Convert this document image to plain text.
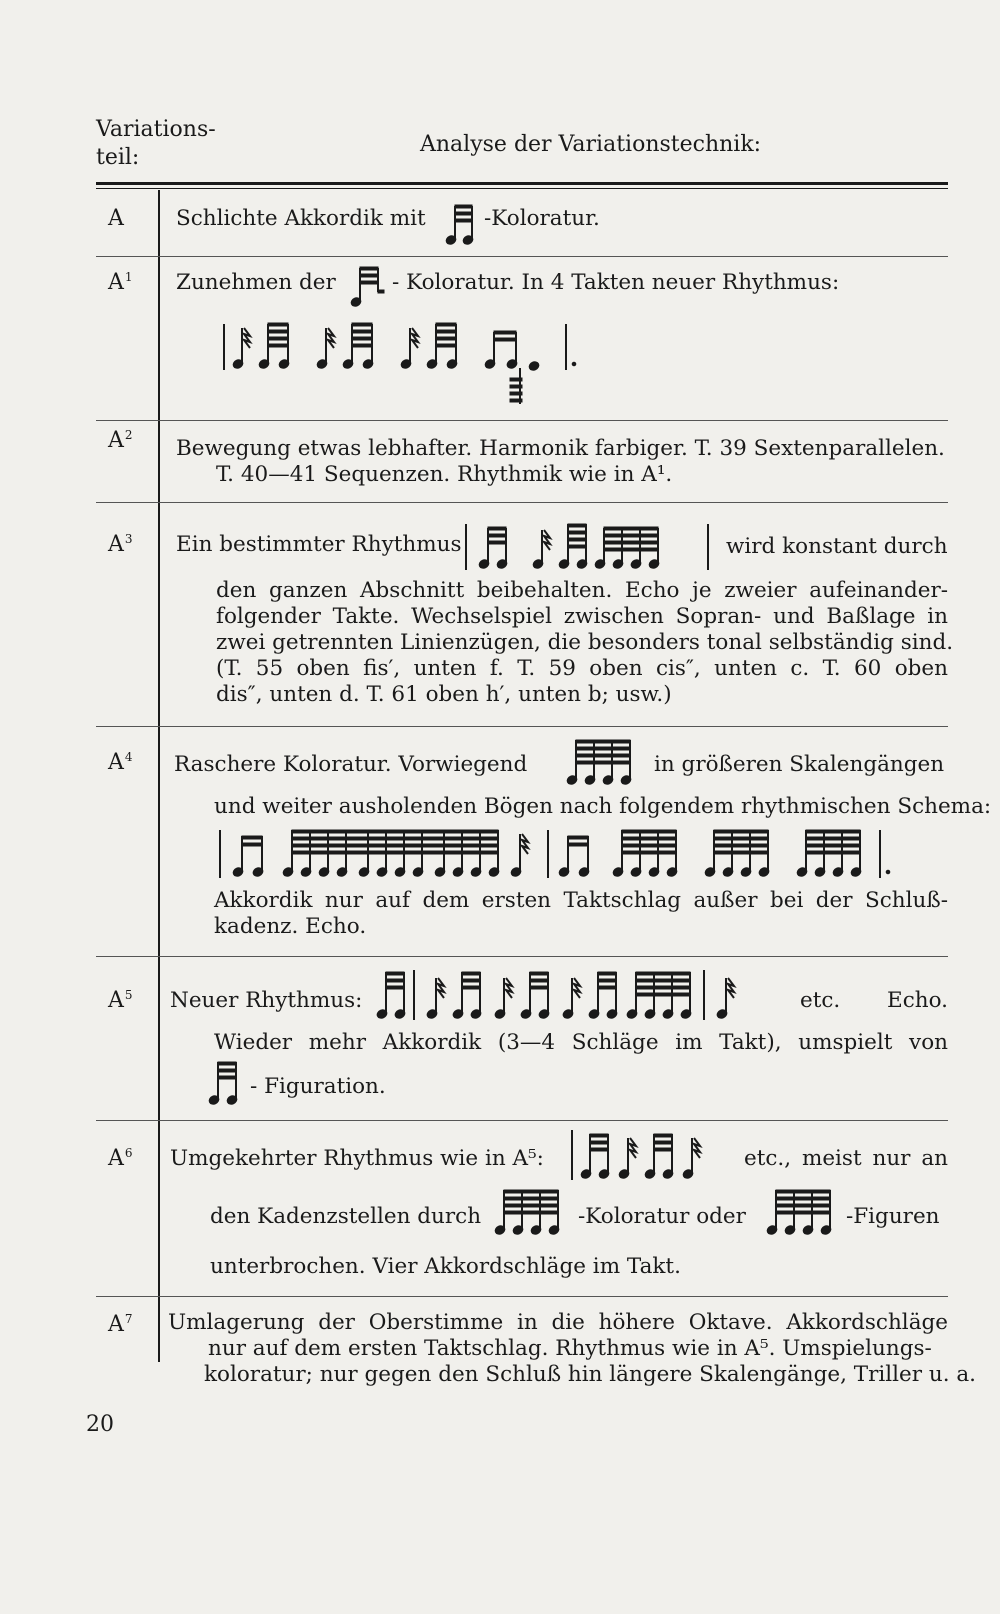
Variations-
teil:
Analyse der Variationstechnik:
A Schlichte Akkordik mit	-Koloratur.
$A^1$ Zunehmen der	- Koloratur. In 4 Takten neuer Rhythmus:
$A^2$
Bewegung etwas lebhafter. Harmonik farbiger. T. 39 Sextenparallelen.
T. 40—41 Sequenzen. Rhythmik wie in A¹.
$A^3$ Ein bestimmter Rhythmus	wird konstant durch
den ganzen Abschnitt beibehalten. Echo je zweier aufeinander-
folgender Takte. Wechselspiel zwischen Sopran- und Baßlage in
zwei getrennten Linienzügen, die besonders tonal selbständig sind.
(T. 55 oben fis′, unten f. T. 59 oben cis″, unten c. T. 60 oben
dis″, unten d. T. 61 oben h′, unten b; usw.)
$A^4$ Raschere Koloratur. Vorwiegend	in größeren Skalengängen
und weiter ausholenden Bögen nach folgendem rhythmischen Schema:
Akkordik nur auf dem ersten Taktschlag außer bei der Schluß-
kadenz. Echo.
$A^5$ Neuer Rhythmus:	etc. Echo.
Wieder mehr Akkordik (3—4 Schläge im Takt), umspielt von
- Figuration.
$A^6$ Umgekehrter Rhythmus wie in A⁵:	etc., meist nur an
den Kadenzstellen durch	-Koloratur oder	-Figuren
unterbrochen. Vier Akkordschläge im Takt.
$A^7$ Umlagerung der Oberstimme in die höhere Oktave. Akkordschläge
nur auf dem ersten Taktschlag. Rhythmus wie in A⁵. Umspielungs-
koloratur; nur gegen den Schluß hin längere Skalengänge, Triller u. a.
20
